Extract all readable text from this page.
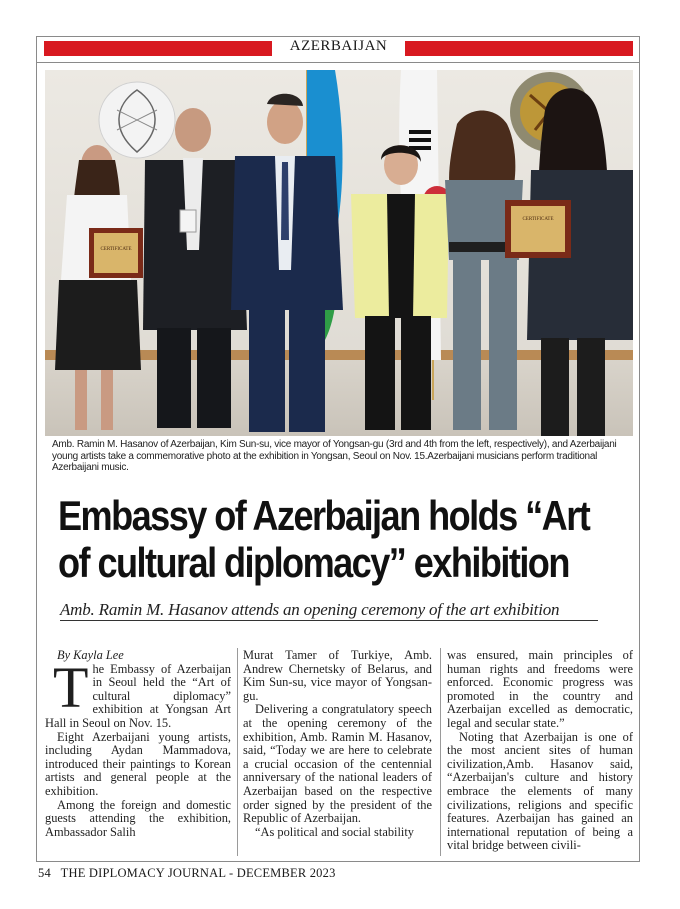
AZERBAIJAN
CERTIFICATE
CERTIFICATE
Amb. Ramin M. Hasanov of Azerbaijan, Kim Sun-su, vice mayor of Yongsan-gu (3rd and 4th from the left, respectively), and Azerbaijani young artists take a commemorative photo at the exhibition in Yongsan, Seoul on Nov. 15.Azerbaijani musicians perform traditional Azerbaijani music.
Embassy of Azerbaijan holds “Art
of cultural diplomacy” exhibition
Amb. Ramin M. Hasanov attends an opening ceremony of the art exhibition

By Kayla Lee

The Embassy of Azerbaijan in Seoul held the “Art of cultural diplomacy” exhibition at Yongsan Art Hall in Seoul on Nov. 15.

Eight Azerbaijani young artists, including Aydan Mammadova, introduced their paintings to Korean artists and general people at the exhibition.

Among the foreign and domestic guests attending the exhibition, Ambassador Salih

Murat Tamer of Turkiye, Amb. Andrew Chernetsky of Belarus, and Kim Sun-su, vice mayor of Yongsan-gu.

Delivering a congratulatory speech at the opening ceremony of the exhibition, Amb. Ramin M. Hasanov, said, “Today we are here to celebrate a crucial occasion of the centennial anniversary of the national leaders of Azerbaijan based on the respective order signed by the president of the Republic of Azerbaijan.

“As political and social stability

was ensured, main principles of human rights and freedoms were enforced. Economic progress was promoted in the country and Azerbaijan excelled as democratic, legal and secular state.”

Noting that Azerbaijan is one of the most ancient sites of human civilization,Amb. Hasanov said, “Azerbaijan's culture and history embrace the elements of many civilizations, religions and specific features. Azerbaijan has gained an international reputation of being a vital bridge between civili-

54   THE DIPLOMACY JOURNAL - DECEMBER 2023
